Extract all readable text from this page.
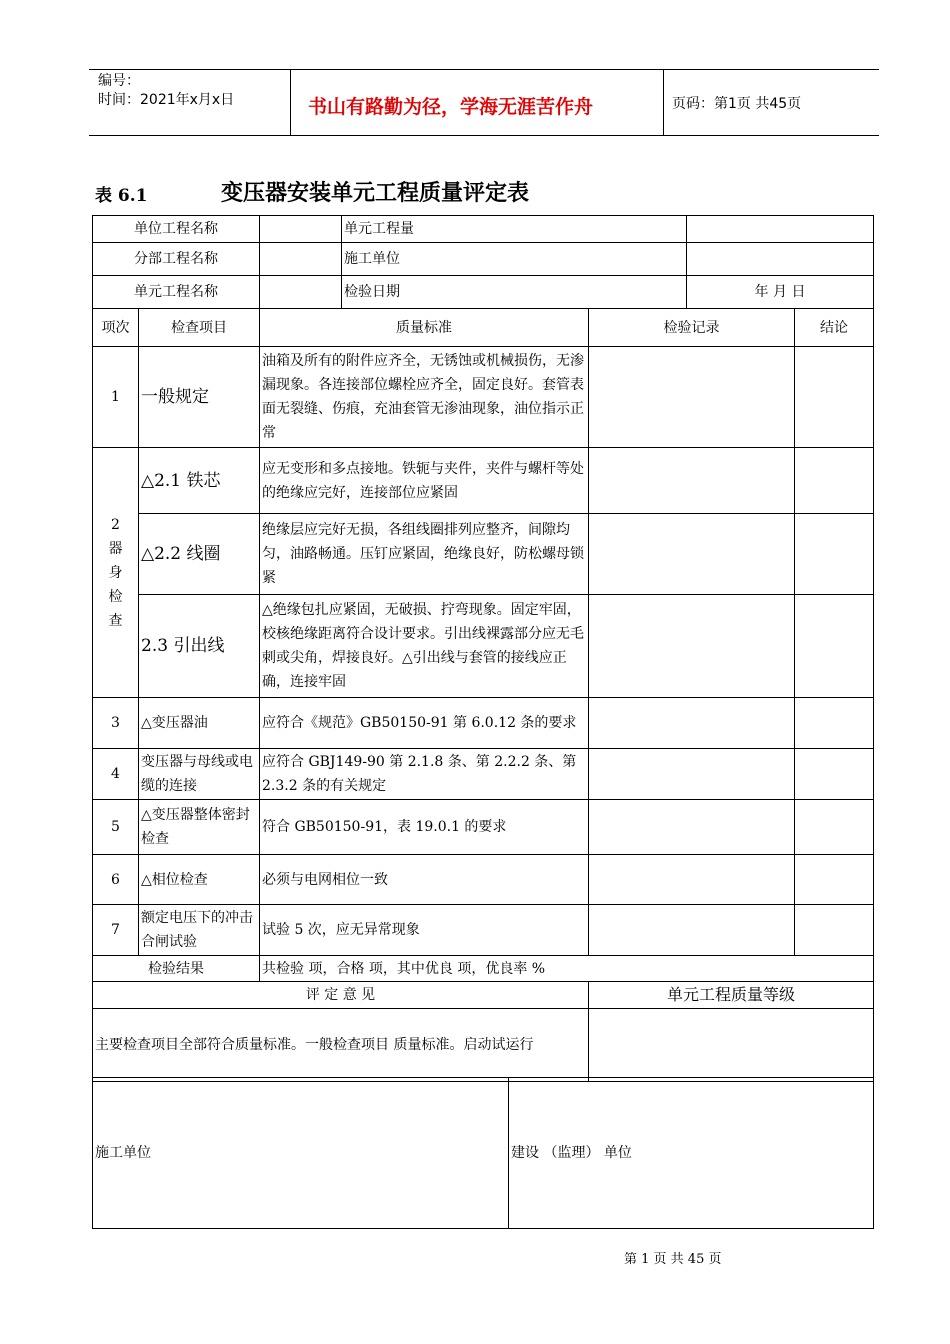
编号：
时间：2021年x月x日	书山有路勤为径，学海无涯苦作舟	页码：第1页 共45页
表 6.1	变压器安装单元工程质量评定表
单位工程名称			单元工程量			
分部工程名称			施工单位			
单元工程名称			检验日期		年 月 日	
项次	检查项目	质量标准		检验记录		结论
1	一般规定	油箱及所有的附件应齐全，无锈蚀或机械损伤，无渗漏现象。各连接部位螺栓应齐全，固定良好。套管表面无裂缝、伤痕，充油套管无渗油现象，油位指示正常				

2
器
身
检
查	△2.1 铁芯	应无变形和多点接地。铁轭与夹件，夹件与螺杆等处的绝缘应完好，连接部位应紧固				
	△2.2 线圈	绝缘层应完好无损，各组线圈排列应整齐，间隙均匀，油路畅通。压钉应紧固，绝缘良好，防松螺母锁紧				
	2.3 引出线	△绝缘包扎应紧固，无破损、拧弯现象。固定牢固，校核绝缘距离符合设计要求。引出线裸露部分应无毛刺或尖角，焊接良好。△引出线与套管的接线应正确，连接牢固				
3	△变压器油	应符合《规范》GB50150-91 第 6.0.12 条的要求				
4	变压器与母线或电缆的连接	应符合 GBJ149-90 第 2.1.8 条、第 2.2.2 条、第 2.3.2 条的有关规定				
5	△变压器整体密封检查	符合 GB50150-91，表 19.0.1 的要求				
6	△相位检查	必须与电网相位一致				
7	额定电压下的冲击合闸试验	试验 5 次，应无异常现象				
检验结果		共检验 项，合格 项，其中优良 项，优良率 %				
评 定 意 见				单元工程质量等级		
主要检查项目全部符合质量标准。一般检查项目 质量标准。启动试运行						
施工单位	建设 （监理） 单位
第 1 页 共 45 页
